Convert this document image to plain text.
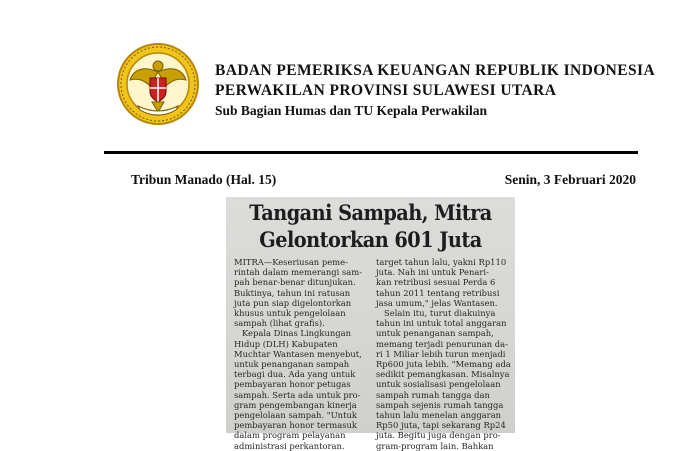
BADAN PEMERIKSA KEUANGAN REPUBLIK INDONESIA
PERWAKILAN PROVINSI SULAWESI UTARA
Sub Bagian Humas dan TU Kepala Perwakilan
Tribun Manado (Hal. 15)	Senin, 3 Februari 2020
Tangani Sampah, Mitra
Gelontorkan 601 Juta
MITRA—Keseriusan peme-
rintah dalam memerangi sam-
pah benar-benar ditunjukan.
Buktinya, tahun ini ratusan
juta pun siap digelontorkan
khusus untuk pengelolaan
sampah (lihat grafis).
Kepala Dinas Lingkungan
Hidup (DLH) Kabupaten
Muchtar Wantasen menyebut,
untuk penanganan sampah
terbagi dua. Ada yang untuk
pembayaran honor petugas
sampah. Serta ada untuk pro-
gram pengembangan kinerja
pengelolaan sampah. "Untuk
pembayaran honor termasuk
dalam program pelayanan
administrasi perkantoran.
target tahun lalu, yakni Rp110
juta. Nah ini untuk Penari-
kan retribusi sesuai Perda 6
tahun 2011 tentang retribusi
jasa umum," jelas Wantasen.
Selain itu, turut diakuinya
tahun ini untuk total anggaran
untuk penanganan sampah,
memang terjadi penurunan da-
ri 1 Miliar lebih turun menjadi
Rp600 juta lebih. "Memang ada
sedikit pemangkasan. Misalnya
untuk sosialisasi pengelolaan
sampah rumah tangga dan
sampah sejenis rumah tangga
tahun lalu menelan anggaran
Rp50 juta, tapi sekarang Rp24
juta. Begitu juga dengan pro-
gram-program lain. Bahkan
